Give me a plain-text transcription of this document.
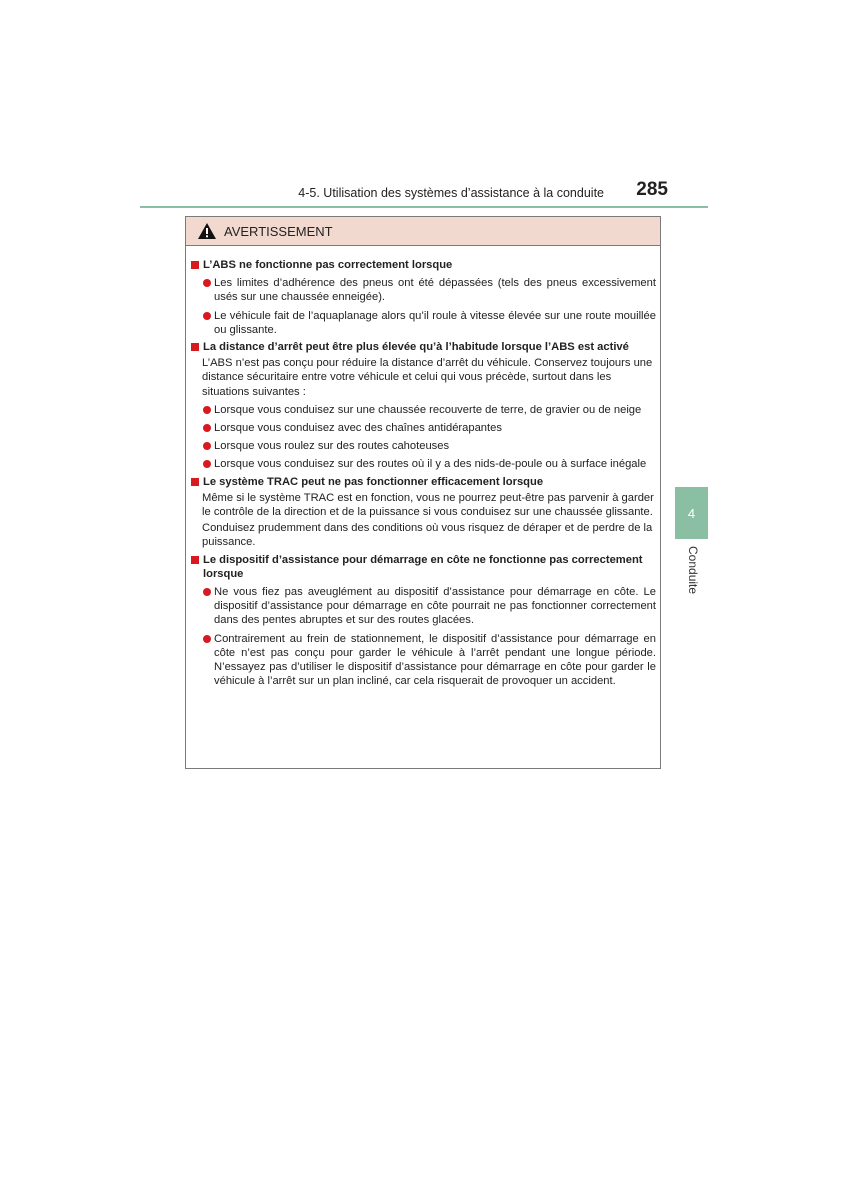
4-5. Utilisation des systèmes d’assistance à la conduite 285
4
Conduite
AVERTISSEMENT
L’ABS ne fonctionne pas correctement lorsque
Les limites d’adhérence des pneus ont été dépassées (tels des pneus excessivement usés sur une chaussée enneigée).
Le véhicule fait de l’aquaplanage alors qu’il roule à vitesse élevée sur une route mouillée ou glissante.
La distance d’arrêt peut être plus élevée qu’à l’habitude lorsque l’ABS est activé
L’ABS n’est pas conçu pour réduire la distance d’arrêt du véhicule. Conservez toujours une distance sécuritaire entre votre véhicule et celui qui vous précède, surtout dans les situations suivantes :
Lorsque vous conduisez sur une chaussée recouverte de terre, de gravier ou de neige
Lorsque vous conduisez avec des chaînes antidérapantes
Lorsque vous roulez sur des routes cahoteuses
Lorsque vous conduisez sur des routes où il y a des nids-de-poule ou à surface inégale
Le système TRAC peut ne pas fonctionner efficacement lorsque
Même si le système TRAC est en fonction, vous ne pourrez peut-être pas parvenir à garder le contrôle de la direction et de la puissance si vous conduisez sur une chaussée glissante.
Conduisez prudemment dans des conditions où vous risquez de déraper et de perdre de la puissance.
Le dispositif d’assistance pour démarrage en côte ne fonctionne pas correctement lorsque
Ne vous fiez pas aveuglément au dispositif d’assistance pour démarrage en côte. Le dispositif d’assistance pour démarrage en côte pourrait ne pas fonctionner correctement dans des pentes abruptes et sur des routes glacées.
Contrairement au frein de stationnement, le dispositif d’assistance pour démarrage en côte n’est pas conçu pour garder le véhicule à l’arrêt pendant une longue période. N’essayez pas d’utiliser le dispositif d’assistance pour démarrage en côte pour garder le véhicule à l’arrêt sur un plan incliné, car cela risquerait de provoquer un accident.
